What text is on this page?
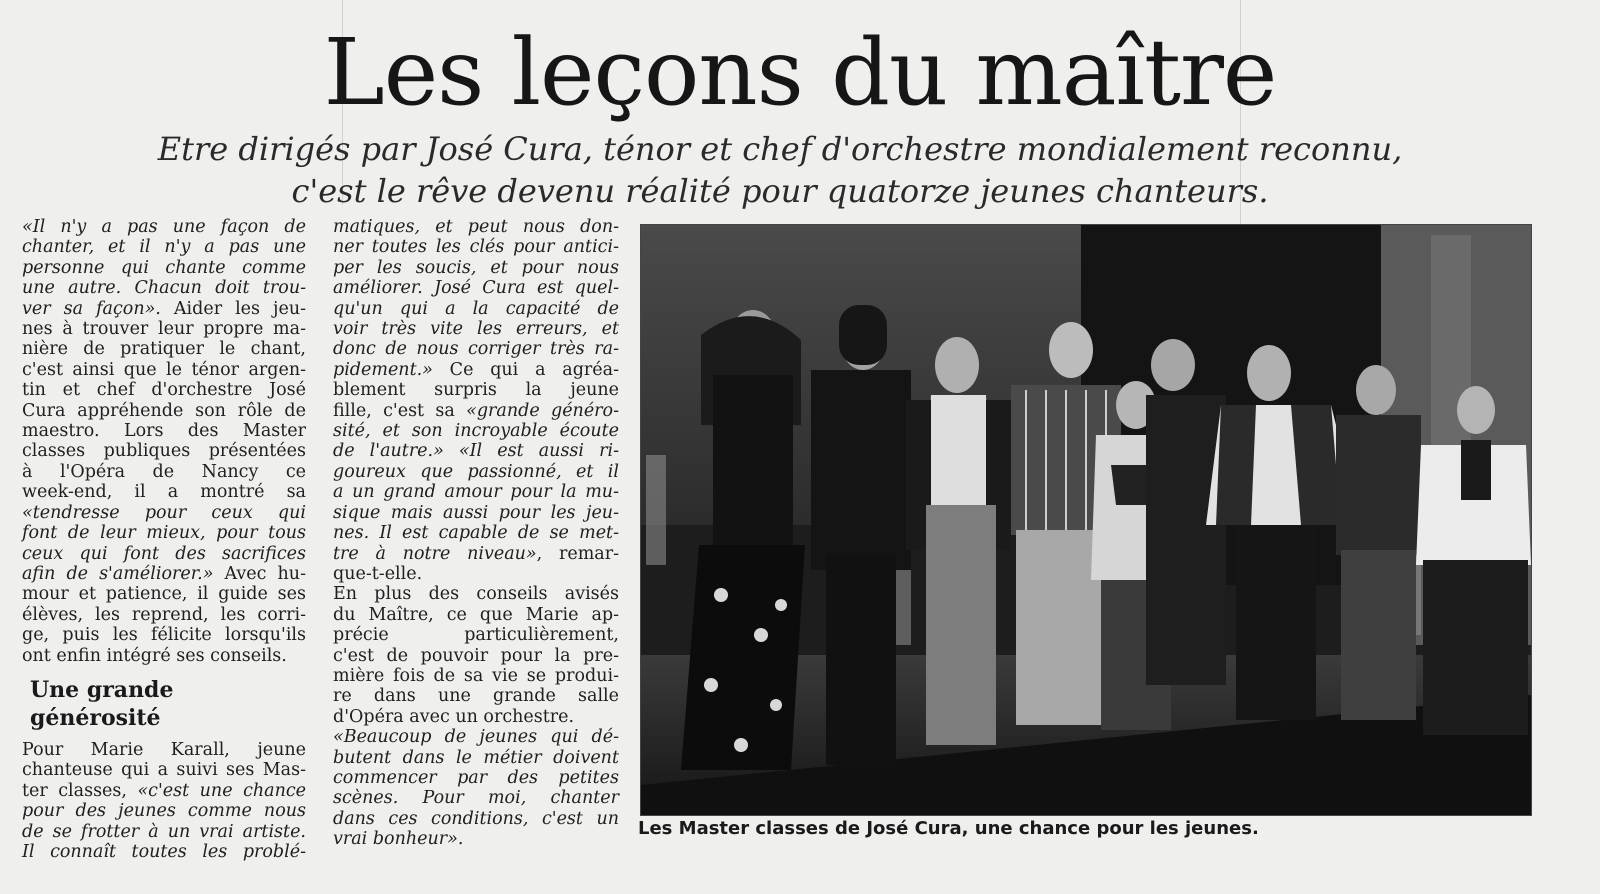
Les leçons du maître
Etre dirigés par José Cura, ténor et chef d'orchestre mondialement reconnu,
c'est le rêve devenu réalité pour quatorze jeunes chanteurs.

«Il n'y a pas une façon de
chanter, et il n'y a pas une
personne qui chante comme
une autre. Chacun doit trou-
ver sa façon». Aider les jeu-
nes à trouver leur propre ma-
nière de pratiquer le chant,
c'est ainsi que le ténor argen-
tin et chef d'orchestre José
Cura appréhende son rôle de
maestro. Lors des Master
classes publiques présentées
à l'Opéra de Nancy ce
week-end, il a montré sa
«tendresse pour ceux qui
font de leur mieux, pour tous
ceux qui font des sacrifices
afin de s'améliorer.» Avec hu-
mour et patience, il guide ses
élèves, les reprend, les corri-
ge, puis les félicite lorsqu'ils
ont enfin intégré ses conseils.

Une grande générosité

Pour Marie Karall, jeune
chanteuse qui a suivi ses Mas-
ter classes, «c'est une chance
pour des jeunes comme nous
de se frotter à un vrai artiste.
Il connaît toutes les problé-

matiques, et peut nous don-
ner toutes les clés pour antici-
per les soucis, et pour nous
améliorer. José Cura est quel-
qu'un qui a la capacité de
voir très vite les erreurs, et
donc de nous corriger très ra-
pidement.» Ce qui a agréa-
blement surpris la jeune
fille, c'est sa «grande généro-
sité, et son incroyable écoute
de l'autre.» «Il est aussi ri-
goureux que passionné, et il
a un grand amour pour la mu-
sique mais aussi pour les jeu-
nes. Il est capable de se met-
tre à notre niveau», remar-
que-t-elle.
En plus des conseils avisés
du Maître, ce que Marie ap-
précie particulièrement,
c'est de pouvoir pour la pre-
mière fois de sa vie se produi-
re dans une grande salle
d'Opéra avec un orchestre.
«Beaucoup de jeunes qui dé-
butent dans le métier doivent
commencer par des petites
scènes. Pour moi, chanter
dans ces conditions, c'est un
vrai bonheur».

Les Master classes de José Cura, une chance pour les jeunes.
